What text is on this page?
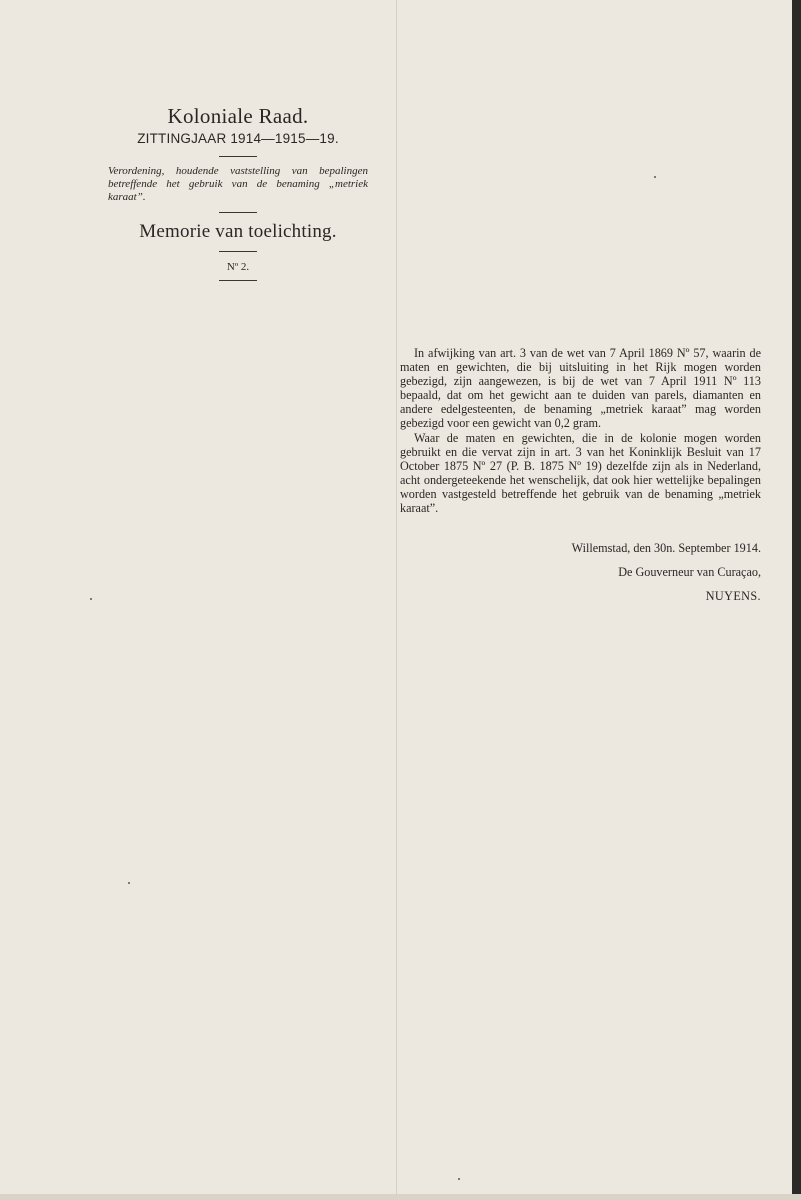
Koloniale Raad.

ZITTINGJAAR 1914—1915—19.

Verordening, houdende vaststelling van bepalingen betreffende het gebruik van de benaming „metriek karaat”.

Memorie van toelichting.

Nº 2.

In afwijking van art. 3 van de wet van 7 April 1869 Nº 57, waarin de maten en gewichten, die bij uitsluiting in het Rijk mogen worden gebezigd, zijn aangewezen, is bij de wet van 7 April 1911 Nº 113 bepaald, dat om het gewicht aan te duiden van parels, diamanten en andere edelgesteenten, de benaming „metriek karaat” mag worden gebezigd voor een gewicht van 0,2 gram.

Waar de maten en gewichten, die in de kolonie mogen worden gebruikt en die vervat zijn in art. 3 van het Koninklijk Besluit van 17 October 1875 Nº 27 (P. B. 1875 Nº 19) dezelfde zijn als in Nederland, acht ondergeteekende het wenschelijk, dat ook hier wettelijke bepalingen worden vastgesteld betreffende het gebruik van de benaming „metriek karaat”.

Willemstad, den 30n. September 1914.
De Gouverneur van Curaçao,
NUYENS.
